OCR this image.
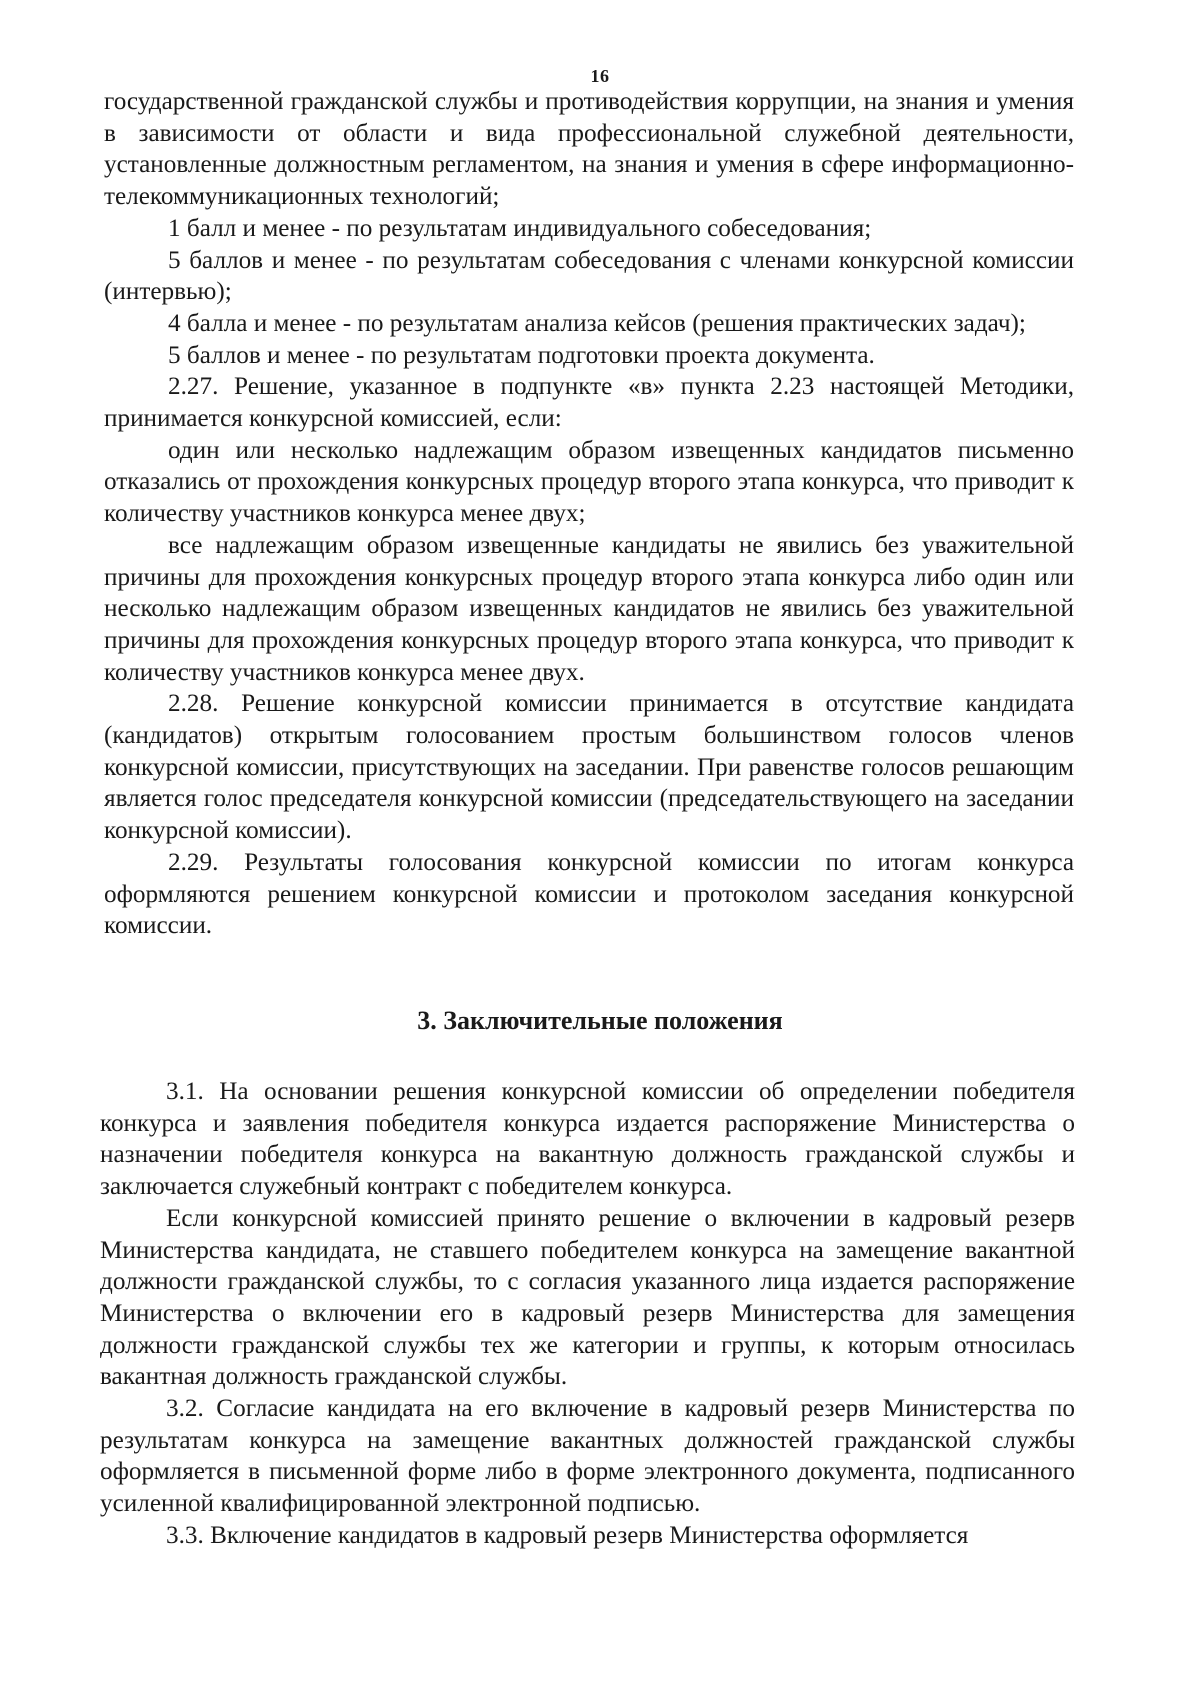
16

государственной гражданской службы и противодействия коррупции, на знания и умения в зависимости от области и вида профессиональной служебной деятельности, установленные должностным регламентом, на знания и умения в сфере информационно-телекоммуникационных технологий;

1 балл и менее - по результатам индивидуального собеседования;

5 баллов и менее - по результатам собеседования с членами конкурсной комиссии (интервью);

4 балла и менее - по результатам анализа кейсов (решения практических задач);

5 баллов и менее - по результатам подготовки проекта документа.

2.27. Решение, указанное в подпункте «в» пункта 2.23 настоящей Методики, принимается конкурсной комиссией, если:

один или несколько надлежащим образом извещенных кандидатов письменно отказались от прохождения конкурсных процедур второго этапа конкурса, что приводит к количеству участников конкурса менее двух;

все надлежащим образом извещенные кандидаты не явились без уважительной причины для прохождения конкурсных процедур второго этапа конкурса либо один или несколько надлежащим образом извещенных кандидатов не явились без уважительной причины для прохождения конкурсных процедур второго этапа конкурса, что приводит к количеству участников конкурса менее двух.

2.28. Решение конкурсной комиссии принимается в отсутствие кандидата (кандидатов) открытым голосованием простым большинством голосов членов конкурсной комиссии, присутствующих на заседании. При равенстве голосов решающим является голос председателя конкурсной комиссии (председательствующего на заседании конкурсной комиссии).

2.29. Результаты голосования конкурсной комиссии по итогам конкурса оформляются решением конкурсной комиссии и протоколом заседания конкурсной комиссии.

3. Заключительные положения

3.1. На основании решения конкурсной комиссии об определении победителя конкурса и заявления победителя конкурса издается распоряжение Министерства о назначении победителя конкурса на вакантную должность гражданской службы и заключается служебный контракт с победителем конкурса.

Если конкурсной комиссией принято решение о включении в кадровый резерв Министерства кандидата, не ставшего победителем конкурса на замещение вакантной должности гражданской службы, то с согласия указанного лица издается распоряжение Министерства о включении его в кадровый резерв Министерства для замещения должности гражданской службы тех же категории и группы, к которым относилась вакантная должность гражданской службы.

3.2. Согласие кандидата на его включение в кадровый резерв Министерства по результатам конкурса на замещение вакантных должностей гражданской службы оформляется в письменной форме либо в форме электронного документа, подписанного усиленной квалифицированной электронной подписью.

3.3. Включение кандидатов в кадровый резерв Министерства оформляется
